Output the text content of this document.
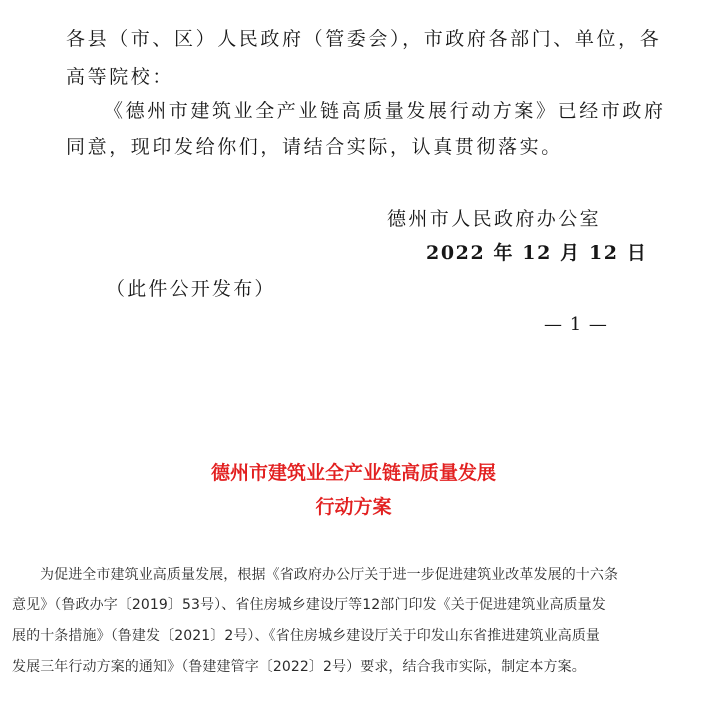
各县（市、区）人民政府（管委会），市政府各部门、单位，各
高等院校：
《德州市建筑业全产业链高质量发展行动方案》已经市政府
同意，现印发给你们，请结合实际，认真贯彻落实。
德州市人民政府办公室
2022 年 12 月 12 日
（此件公开发布）
— 1 —
德州市建筑业全产业链高质量发展
行动方案
为促进全市建筑业高质量发展，根据《省政府办公厅关于进一步促进建筑业改革发展的十六条
意见》（鲁政办字〔2019〕53号）、省住房城乡建设厅等12部门印发《关于促进建筑业高质量发
展的十条措施》（鲁建发〔2021〕2号）、《省住房城乡建设厅关于印发山东省推进建筑业高质量
发展三年行动方案的通知》（鲁建建管字〔2022〕2号）要求，结合我市实际，制定本方案。
